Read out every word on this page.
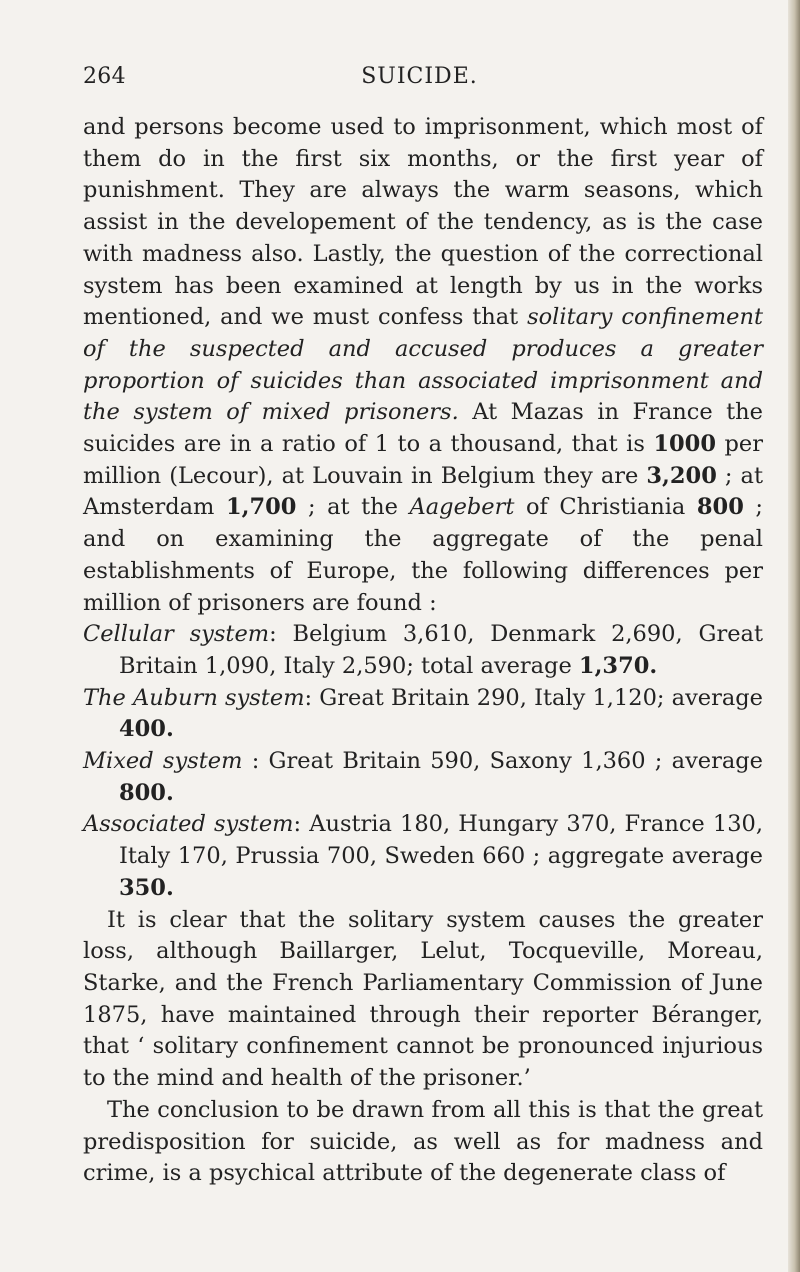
264	SUICIDE.

and persons become used to imprisonment, which most of them do in the first six months, or the first year of punishment. They are always the warm seasons, which assist in the developement of the tendency, as is the case with madness also. Lastly, the question of the correctional system has been examined at length by us in the works mentioned, and we must confess that solitary confinement of the suspected and accused produces a greater proportion of suicides than associated imprisonment and the system of mixed prisoners. At Mazas in France the suicides are in a ratio of 1 to a thousand, that is 1000 per million (Lecour), at Louvain in Belgium they are 3,200 ; at Amsterdam 1,700 ; at the Aagebert of Christiania 800 ; and on examining the aggregate of the penal establishments of Europe, the following differences per million of prisoners are found :

Cellular system: Belgium 3,610, Denmark 2,690, Great Britain 1,090, Italy 2,590; total average 1,370.

The Auburn system: Great Britain 290, Italy 1,120; average 400.

Mixed system : Great Britain 590, Saxony 1,360 ; average 800.

Associated system: Austria 180, Hungary 370, France 130, Italy 170, Prussia 700, Sweden 660 ; aggregate average 350.

It is clear that the solitary system causes the greater loss, although Baillarger, Lelut, Tocqueville, Moreau, Starke, and the French Parliamentary Commission of June 1875, have maintained through their reporter Béranger, that ‘ solitary confinement cannot be pronounced injurious to the mind and health of the prisoner.’

The conclusion to be drawn from all this is that the great predisposition for suicide, as well as for madness and crime, is a psychical attribute of the degenerate class of
